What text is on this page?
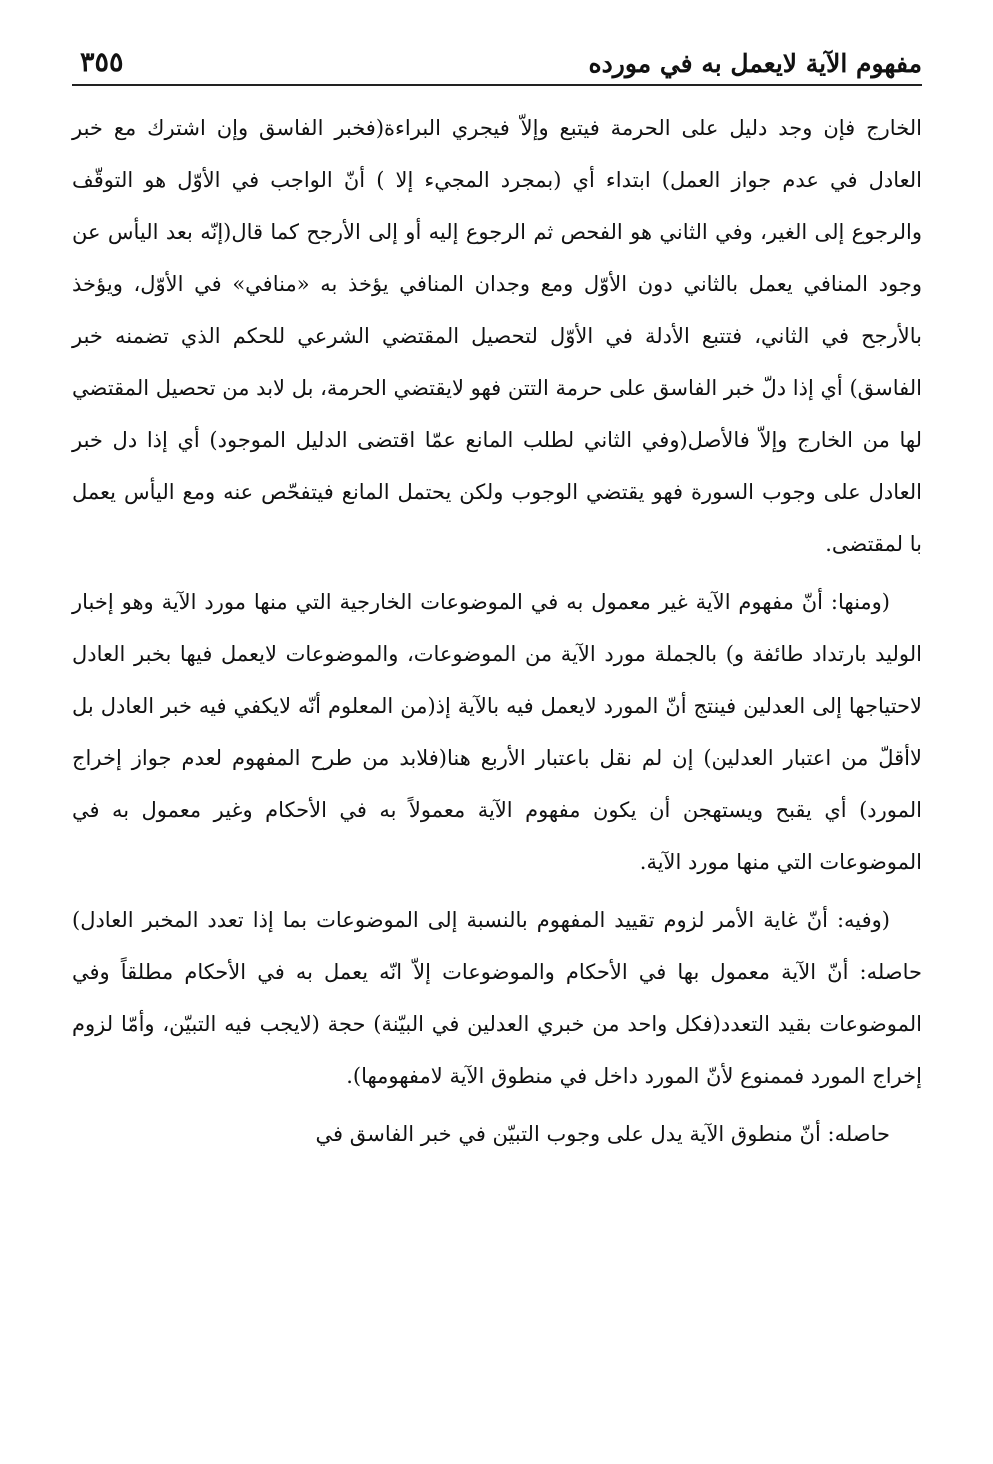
مفهوم الآية لايعمل به في مورده
٣٥٥

الخارج فإن وجد دليل على الحرمة فيتبع وإلاّ فيجري البراءة(فخبر الفاسق وإن اشترك مع خبر العادل في عدم جواز العمل) ابتداء أي (بمجرد المجيء إلا ) أنّ الواجب في الأوّل هو التوقّف والرجوع إلى الغير، وفي الثاني هو الفحص ثم الرجوع إليه أو إلى الأرجح كما قال(إنّه بعد اليأس عن وجود المنافي يعمل بالثاني دون الأوّل ومع وجدان المنافي يؤخذ به «منافي» في الأوّل، ويؤخذ بالأرجح في الثاني، فتتبع الأدلة في الأوّل لتحصيل المقتضي الشرعي للحكم الذي تضمنه خبر الفاسق) أي إذا دلّ خبر الفاسق على حرمة التتن فهو لايقتضي الحرمة، بل لابد من تحصيل المقتضي لها من الخارج وإلاّ فالأصل(وفي الثاني لطلب المانع عمّا اقتضى الدليل الموجود) أي إذا دل خبر العادل على وجوب السورة فهو يقتضي الوجوب ولكن يحتمل المانع فيتفحّص عنه ومع اليأس يعمل با لمقتضى.

(ومنها: أنّ مفهوم الآية غير معمول به في الموضوعات الخارجية التي منها مورد الآية وهو إخبار الوليد بارتداد طائفة و) بالجملة مورد الآية من الموضوعات، والموضوعات لايعمل فيها بخبر العادل لاحتياجها إلى العدلين فينتج أنّ المورد لايعمل فيه بالآية إذ(من المعلوم أنّه لايكفي فيه خبر العادل بل لاأقلّ من اعتبار العدلين) إن لم نقل باعتبار الأربع هنا(فلابد من طرح المفهوم لعدم جواز إخراج المورد) أي يقبح ويستهجن أن يكون مفهوم الآية معمولاً به في الأحكام وغير معمول به في الموضوعات التي منها مورد الآية.

(وفيه: أنّ غاية الأمر لزوم تقييد المفهوم بالنسبة إلى الموضوعات بما إذا تعدد المخبر العادل) حاصله: أنّ الآية معمول بها في الأحكام والموضوعات إلاّ انّه يعمل به في الأحكام مطلقاً وفي الموضوعات بقيد التعدد(فكل واحد من خبري العدلين في البيّنة) حجة (لايجب فيه التبيّن، وأمّا لزوم إخراج المورد فممنوع لأنّ المورد داخل في منطوق الآية لامفهومها).

حاصله: أنّ منطوق الآية يدل على وجوب التبيّن في خبر الفاسق في
